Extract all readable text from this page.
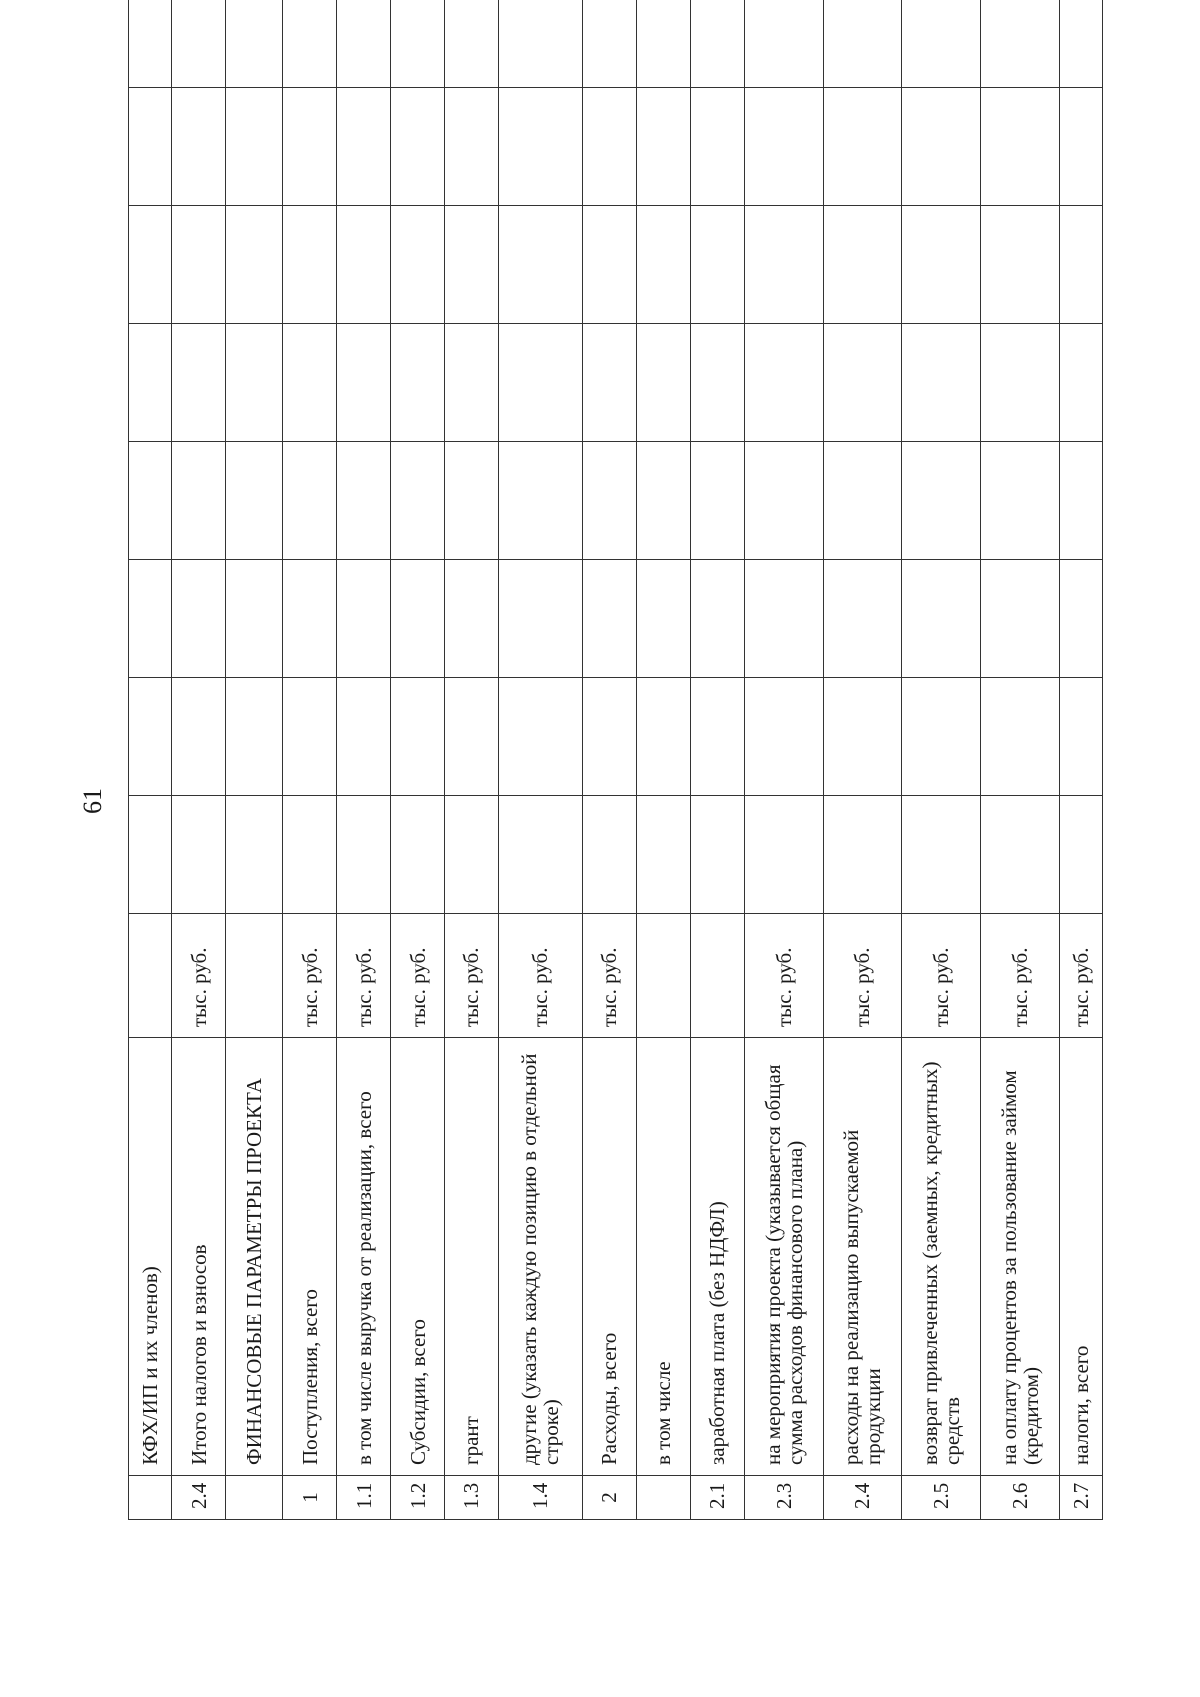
61
	КФХ/ИП и их членов)									
2.4	Итого налогов и взносов	тыс. руб.								
	ФИНАНСОВЫЕ ПАРАМЕТРЫ ПРОЕКТА									
1	Поступления, всего	тыс. руб.								
1.1	в том числе выручка от реализации, всего	тыс. руб.								
1.2	Субсидии, всего	тыс. руб.								
1.3	грант	тыс. руб.								
1.4	другие (указать каждую позицию в отдельной строке)	тыс. руб.								
2	Расходы, всего	тыс. руб.								
	в том числе									
2.1	заработная плата (без НДФЛ)									
2.3	на мероприятия проекта (указывается общая сумма расходов финансового плана)	тыс. руб.								
2.4	расходы на реализацию выпускаемой продукции	тыс. руб.								
2.5	возврат привлеченных (заемных, кредитных) средств	тыс. руб.								
2.6	на оплату процентов за пользование займом (кредитом)	тыс. руб.								
2.7	налоги, всего	тыс. руб.								
